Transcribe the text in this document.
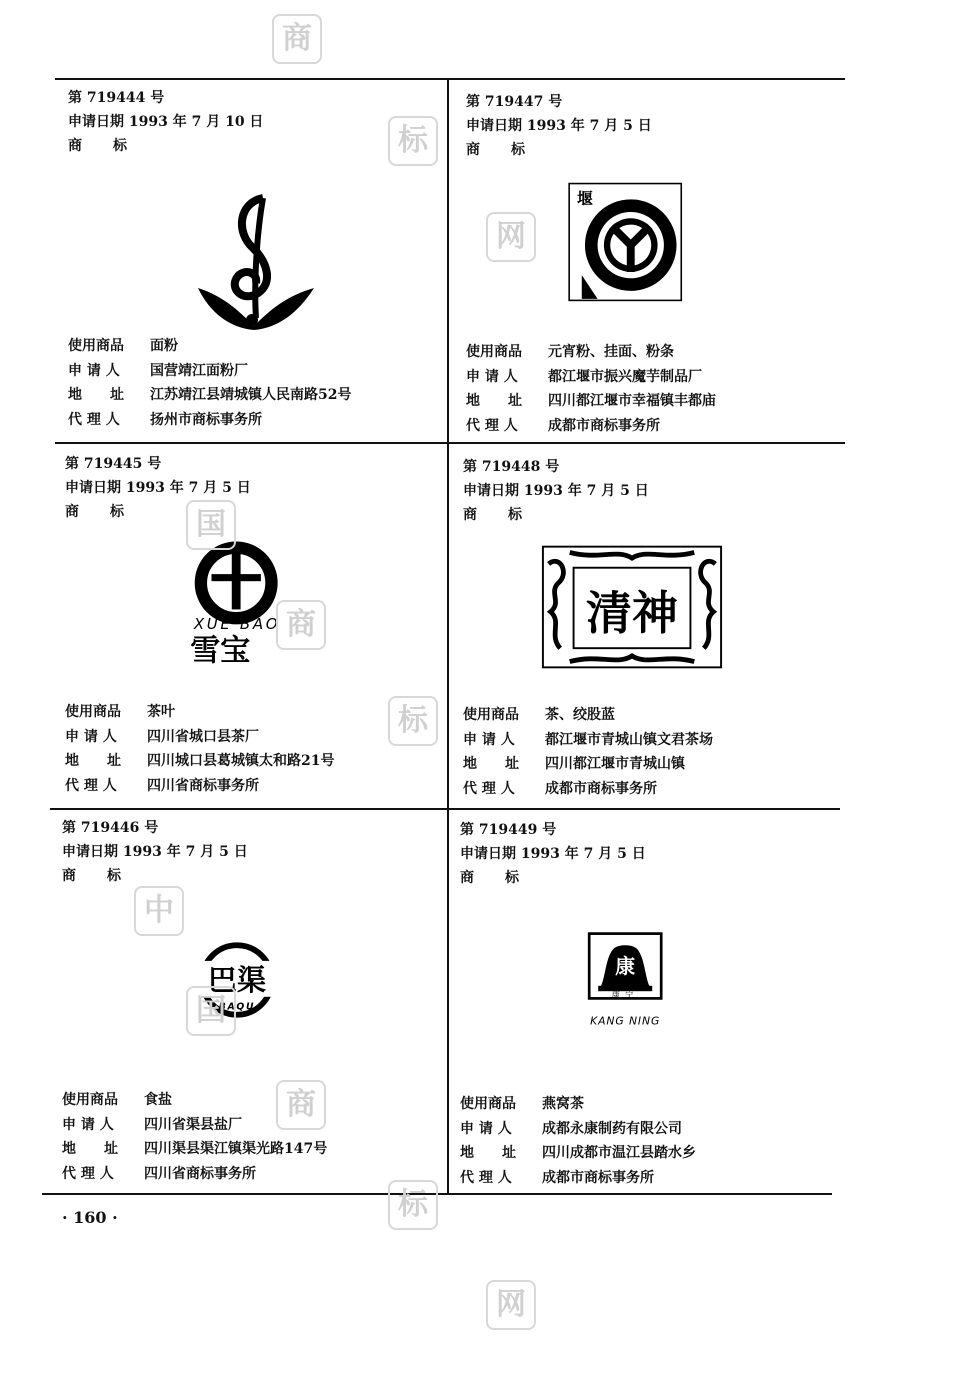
第 719444 号
申请日期 1993 年 7 月 10 日
商　　标
使用商品 面粉
申 请 人 国营靖江面粉厂
地　　址 江苏靖江县靖城镇人民南路52号
代 理 人 扬州市商标事务所
第 719447 号
申请日期 1993 年 7 月 5 日
商　　标
堰
使用商品 元宵粉、挂面、粉条
申 请 人 都江堰市振兴魔芋制品厂
地　　址 四川都江堰市幸福镇丰都庙
代 理 人 成都市商标事务所
第 719445 号
申请日期 1993 年 7 月 5 日
商　　标
XUE BAO
雪宝
使用商品 茶叶
申 请 人 四川省城口县茶厂
地　　址 四川城口县葛城镇太和路21号
代 理 人 四川省商标事务所
第 719448 号
申请日期 1993 年 7 月 5 日
商　　标
清神
使用商品 茶、绞股蓝
申 请 人 都江堰市青城山镇文君茶场
地　　址 四川都江堰市青城山镇
代 理 人 成都市商标事务所
第 719446 号
申请日期 1993 年 7 月 5 日
商　　标
巴渠
BAQU
使用商品 食盐
申 请 人 四川省渠县盐厂
地　　址 四川渠县渠江镇渠光路147号
代 理 人 四川省商标事务所
第 719449 号
申请日期 1993 年 7 月 5 日
商　　标
康
康宁
KANG NING
使用商品 燕窝茶
申 请 人 成都永康制药有限公司
地　　址 四川成都市温江县踏水乡
代 理 人 成都市商标事务所
· 160 ·
商
标
网
国
商
标
中
国
商
标
网
